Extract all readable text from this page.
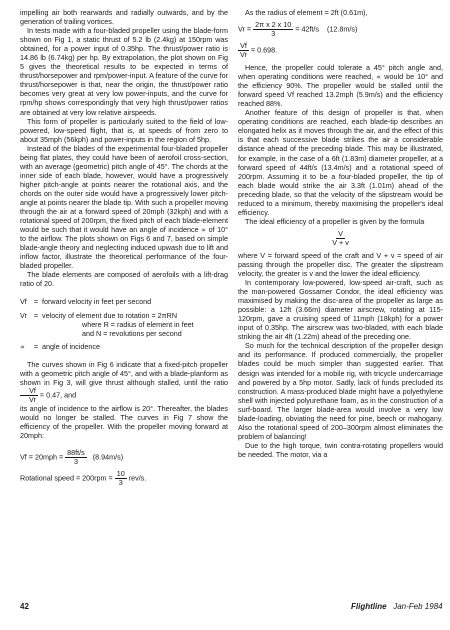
impelling air both rearwards and radially outwards, and by the generation of trailing vortices.

In tests made with a four-bladed propeller using the blade-form shown on Fig 1, a static thrust of 5.2 lb (2.4kg) at 150rpm was obtained, for a power input of 0.35hp. The thrust/power ratio is 14.86 lb (6.74kg) per hp. By extrapolation, the plot shown on Fig 5 gives the theoretical results to be expected in terms of thrust/horsepower and rpm/power-input. A feature of the curve for thrust/horsepower is that, near the origin, the thrust/power ratio becomes very great at very low power-inputs, and the curve for rpm/hp shows correspondingly that very high thrust/power ratios are obtained at very low relative airspeeds.

This form of propeller is particularly suited to the field of low-powered, low-speed flight, that is, at speeds of from zero to about 35mph (56kph) and power-inputs in the region of 5hp.

Instead of the blades of the experimental four-bladed propeller being flat plates, they could have been of aerofoil cross-section, with an average (geometric) pitch angle of 45°. The chords at the inner side of each blade, however, would have a progressively higher pitch-angle at points nearer the rotational axis, and the chords on the outer side would have a progressively lower pitch-angle at points nearer the blade tip. With such a propeller moving through the air at a forward speed of 20mph (32kph) and with a rotational speed of 200rpm, the fixed pitch of each blade-element would be such that it would have an angle of incidence ∝ of 10° to the airflow. The plots shown on Figs 6 and 7, based on simple blade-angle theory and neglecting induced upwash due to lift and inflow factor, illustrate the theoretical performance of the four-bladed propeller.

The blade elements are composed of aerofoils with a lift-drag ratio of 20.

Vf = forward velocity in feet per second
Vr = velocity of element due to rotation = 2πRN
where R = radius of element in feet
and N = revolutions per second
∝	= angle of incidence

The curves shown in Fig 6 indicate that a fixed-pitch propeller with a geometric pitch angle of 45°, and with a blade-planform as shown in Fig 3, will give thrust although stalled, until the ratio
$\frac{Vf}{Vr} = 0.47$, and

its angle of incidence to the airflow is 20°. Thereafter, the blades would no longer be stalled. The curves in Fig 7 show the efficiency of the propeller. With the propeller moving forward at 20mph:

$Vf = 20mph = \frac{88ft/s}{3} (8.94m/s)$
Rotational speed = $200rpm = \frac{10}{3} rev/s$.

As the radius of element = 2ft (0.61m),

$Vr = \frac{\text{2π x 2 x 10}}{3} = 42ft/s$ (12.8m/s)
$\frac{Vf}{Vr} = 0.698$.

Hence, the propeller could tolerate a 45° pitch angle and, when operating conditions were reached, ∝ would be 10° and the efficiency 90%. The propeller would be stalled until the forward speed Vf reached 13.2mph (5.9m/s) and the efficiency reached 88%.

Another feature of this design of propeller is that, when operating conditions are reached, each blade-tip describes an elongated helix as it moves through the air, and the effect of this is that each successive blade strikes the air a considerable distance ahead of the preceding blade. This may be illustrated, for example, in the case of a 6ft (1.83m) diameter propeller, at a forward speed of 44ft/s (13.4m/s) and a rotational speed of 200rpm. Assuming it to be a four-bladed propeller, the tip of each blade would strike the air 3.3ft (1.01m) ahead of the preceding blade, so that the velocity of the slipstream would be reduced to a minimum, thereby maximising the propeller's ideal efficiency.

The ideal efficiency of a propeller is given by the formula

$\frac{V}{V + v}$

where V = forward speed of the craft and V + v = speed of air passing through the propeller disc. The greater the slipstream velocity, the greater is v and the lower the ideal efficiency.

In contemporary low-powered, low-speed air-craft, such as the man-powered Gossamer Condor, the ideal efficiency was maximised by making the disc-area of the propeller as large as possible: a 12ft (3.66m) diameter airscrew, rotating at 115-120rpm, gave a cruising speed of 11mph (18kph) for a power input of 0.35hp. The airscrew was two-bladed, with each blade striking the air 4ft (1.22m) ahead of the preceding one.

So much for the technical description of the propeller design and its performance. If produced commercially, the propeller blades could be much simpler than suggested earlier. That design was intended for a mobile rig, with tricycle undercarriage and powered by a 5hp motor. Sadly, lack of funds precluded its construction. A mass-produced blade might have a polyethylene shell with injected polyurethane foam, as in the construction of a surf-board. The larger blade-area would involve a very low blade-loading, obviating the need for pine, beech or mahogany. Also the rotational speed of 200–300rpm almost eliminates the problem of balancing!

Due to the high torque, twin contra-rotating propellers would be needed. The motor, via a

42	Flightline Jan-Feb 1984
